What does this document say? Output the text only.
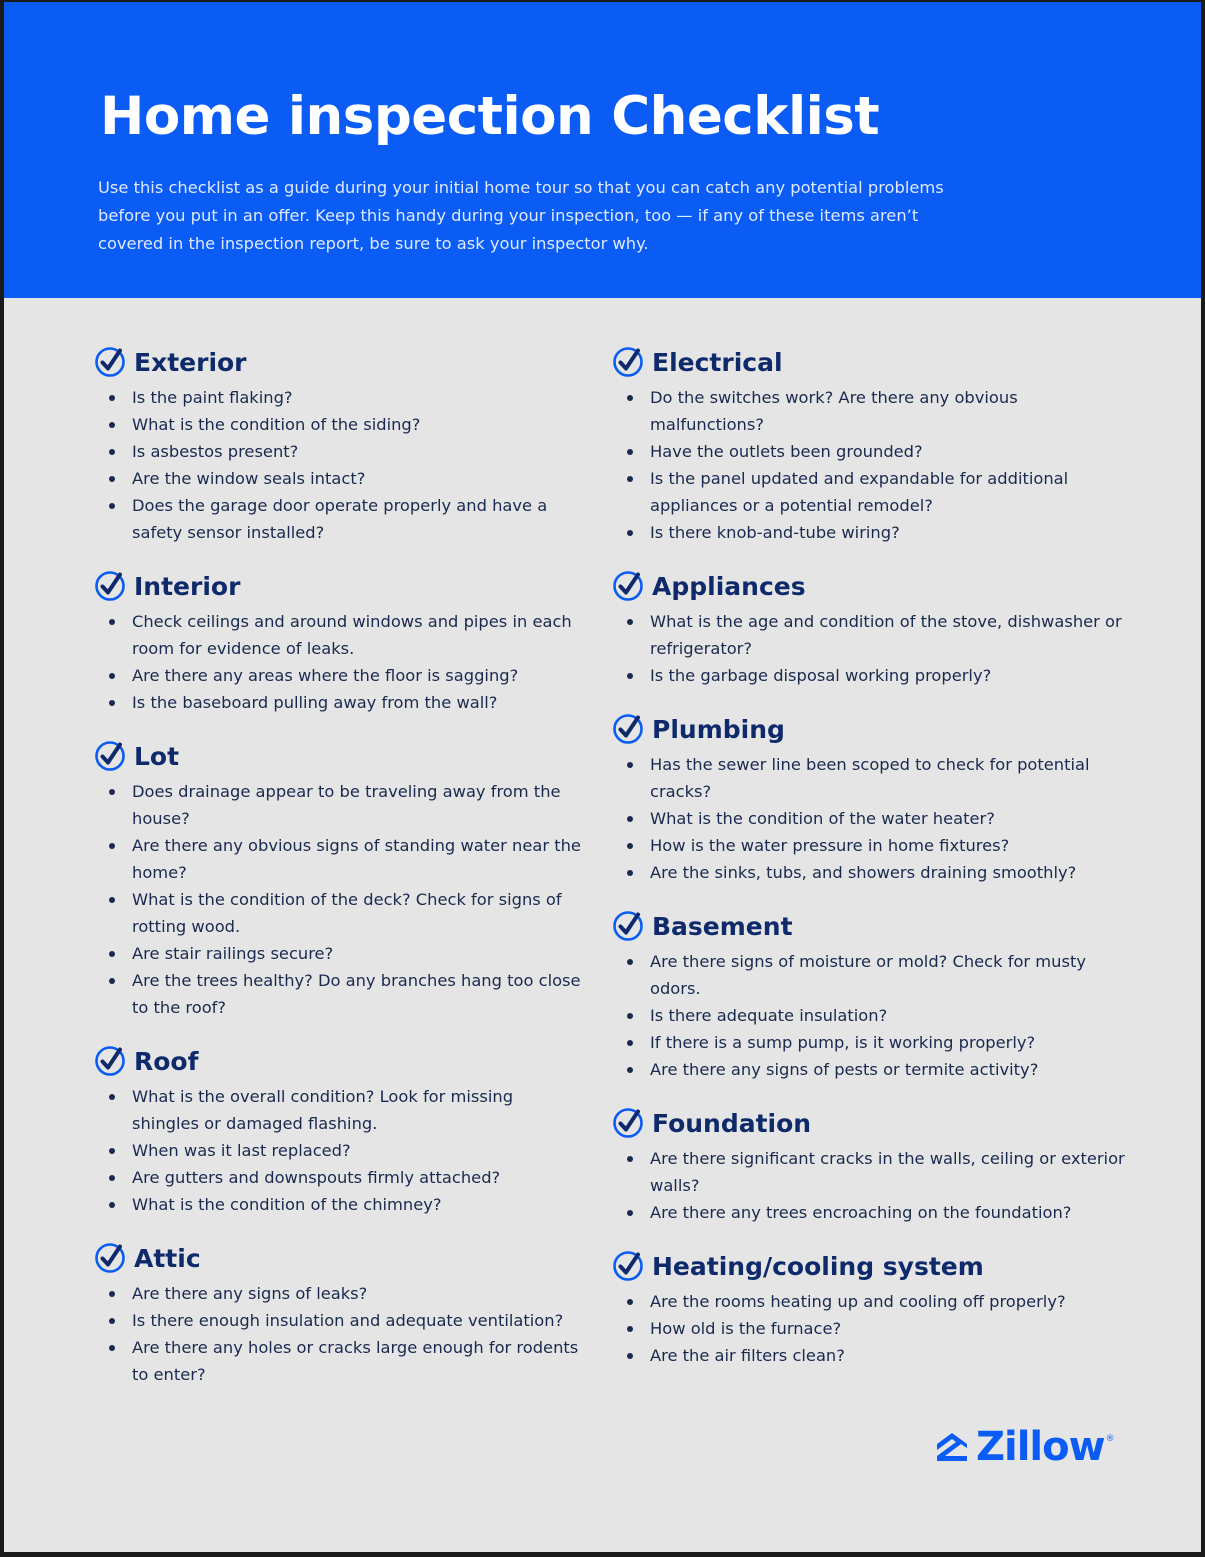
Home inspection Checklist

Use this checklist as a guide during your initial home tour so that you can catch any potential problems before you put in an offer. Keep this handy during your inspection, too — if any of these items aren’t covered in the inspection report, be sure to ask your inspector why.

Exterior
Is the paint flaking?
What is the condition of the siding?
Is asbestos present?
Are the window seals intact?
Does the garage door operate properly and have a safety sensor installed?
Interior
Check ceilings and around windows and pipes in each room for evidence of leaks.
Are there any areas where the floor is sagging?
Is the baseboard pulling away from the wall?
Lot
Does drainage appear to be traveling away from the house?
Are there any obvious signs of standing water near the home?
What is the condition of the deck? Check for signs of rotting wood.
Are stair railings secure?
Are the trees healthy? Do any branches hang too close to the roof?
Roof
What is the overall condition? Look for missing shingles or damaged flashing.
When was it last replaced?
Are gutters and downspouts firmly attached?
What is the condition of the chimney?
Attic
Are there any signs of leaks?
Is there enough insulation and adequate ventilation?
Are there any holes or cracks large enough for rodents to enter?
Electrical
Do the switches work? Are there any obvious malfunctions?
Have the outlets been grounded?
Is the panel updated and expandable for additional appliances or a potential remodel?
Is there knob-and-tube wiring?
Appliances
What is the age and condition of the stove, dishwasher or refrigerator?
Is the garbage disposal working properly?
Plumbing
Has the sewer line been scoped to check for potential cracks?
What is the condition of the water heater?
How is the water pressure in home fixtures?
Are the sinks, tubs, and showers draining smoothly?
Basement
Are there signs of moisture or mold? Check for musty odors.
Is there adequate insulation?
If there is a sump pump, is it working properly?
Are there any signs of pests or termite activity?
Foundation
Are there significant cracks in the walls, ceiling or exterior walls?
Are there any trees encroaching on the foundation?
Heating/cooling system
Are the rooms heating up and cooling off properly?
How old is the furnace?
Are the air filters clean?
Zillow ®
